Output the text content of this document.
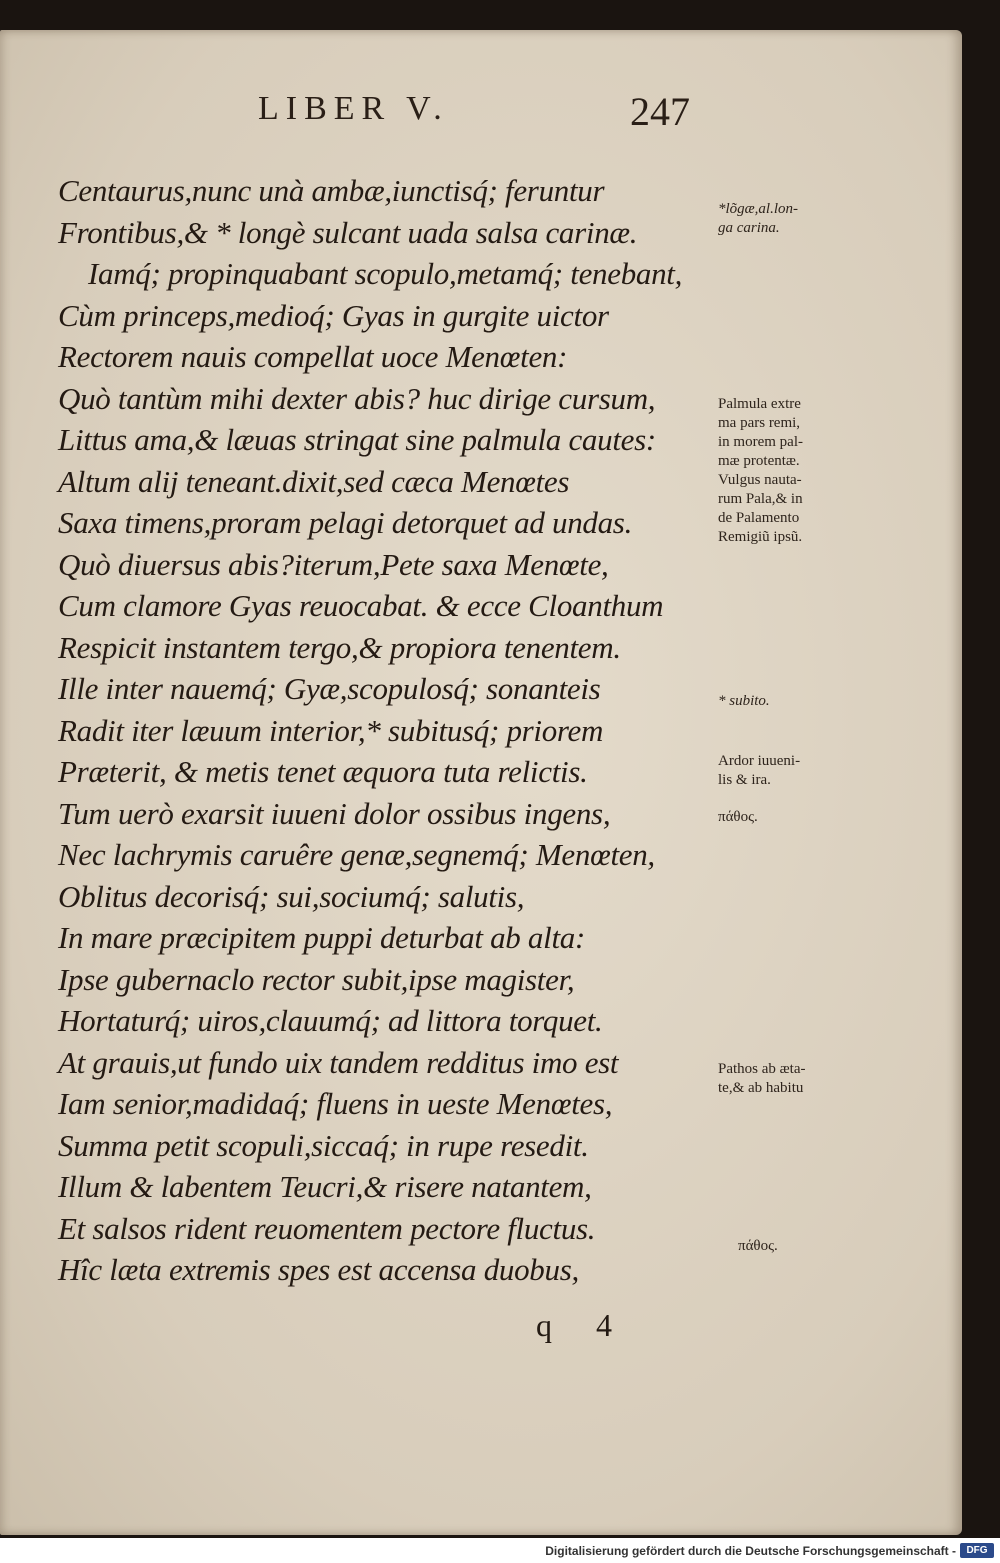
LIBER V.	247
Centaurus,nunc unà ambæ,iunctisq́; feruntur
Frontibus,& * longè sulcant uada salsa carinæ.
Iamq́; propinquabant scopulo,metamq́; tenebant,
Cùm princeps,medioq́; Gyas in gurgite uictor
Rectorem nauis compellat uoce Menœten:
Quò tantùm mihi dexter abis? huc dirige cursum,
Littus ama,& læuas stringat sine palmula cautes:
Altum alij teneant.dixit,sed cæca Menœtes
Saxa timens,proram pelagi detorquet ad undas.
Quò diuersus abis?iterum,Pete saxa Menœte,
Cum clamore Gyas reuocabat. & ecce Cloanthum
Respicit instantem tergo,& propiora tenentem.
Ille inter nauemq́; Gyæ,scopulosq́; sonanteis
Radit iter læuum interior,* subitusq́; priorem
Præterit, & metis tenet æquora tuta relictis.
Tum uerò exarsit iuueni dolor ossibus ingens,
Nec lachrymis caruêre genæ,segnemq́; Menœten,
Oblitus decorisq́; sui,sociumq́; salutis,
In mare præcipitem puppi deturbat ab alta:
Ipse gubernaclo rector subit,ipse magister,
Hortaturq́; uiros,clauumq́; ad littora torquet.
At grauis,ut fundo uix tandem redditus imo est
Iam senior,madidaq́; fluens in ueste Menœtes,
Summa petit scopuli,siccaq́; in rupe resedit.
Illum & labentem Teucri,& risere natantem,
Et salsos rident reuomentem pectore fluctus.
Hîc læta extremis spes est accensa duobus,
*lõgæ,al.lon-
ga carina.
Palmula extre
ma pars remi,
in morem pal-
mæ protentæ.
Vulgus nauta-
rum Pala,& in
de Palamento
Remigiũ ipsũ.
* subito.
Ardor iuueni-
lis & ira.
πάθος.
Pathos ab æta-
te,& ab habitu
πάθος.
q 4
Digitalisierung gefördert durch die Deutsche Forschungsgemeinschaft -	DFG
